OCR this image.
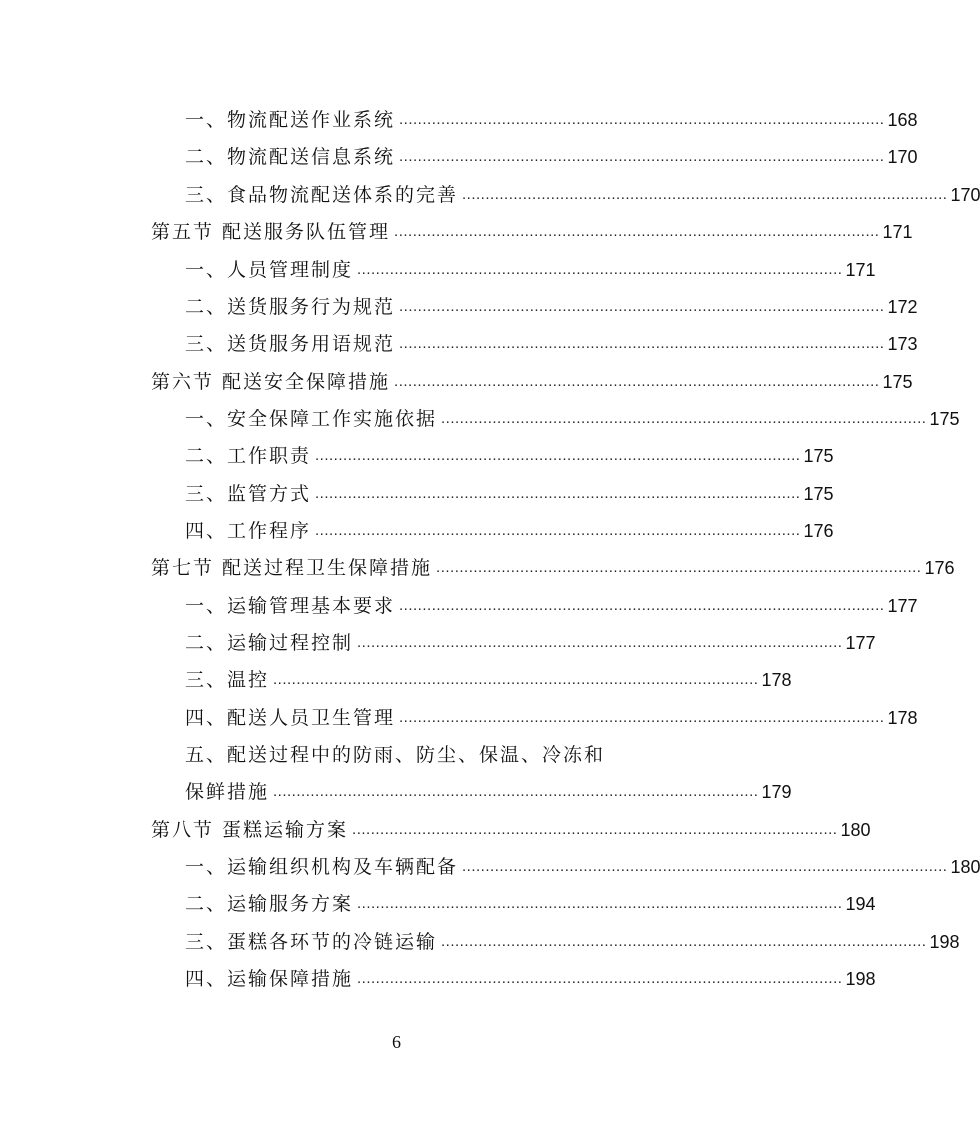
一、物流配送作业系统 ........................................................................................................ 168
二、物流配送信息系统 ........................................................................................................ 170
三、食品物流配送体系的完善 ........................................................................................................ 170
第五节 配送服务队伍管理 ........................................................................................................ 171
一、人员管理制度 ........................................................................................................ 171
二、送货服务行为规范 ........................................................................................................ 172
三、送货服务用语规范 ........................................................................................................ 173
第六节 配送安全保障措施 ........................................................................................................ 175
一、安全保障工作实施依据 ........................................................................................................ 175
二、工作职责 ........................................................................................................ 175
三、监管方式 ........................................................................................................ 175
四、工作程序 ........................................................................................................ 176
第七节 配送过程卫生保障措施 ........................................................................................................ 176
一、运输管理基本要求 ........................................................................................................ 177
二、运输过程控制 ........................................................................................................ 177
三、温控 ........................................................................................................ 178
四、配送人员卫生管理 ........................................................................................................ 178
五、配送过程中的防雨、防尘、保温、冷冻和
保鲜措施 ........................................................................................................ 179
第八节 蛋糕运输方案 ........................................................................................................ 180
一、运输组织机构及车辆配备 ........................................................................................................ 180
二、运输服务方案 ........................................................................................................ 194
三、蛋糕各环节的冷链运输 ........................................................................................................ 198
四、运输保障措施 ........................................................................................................ 198
6
